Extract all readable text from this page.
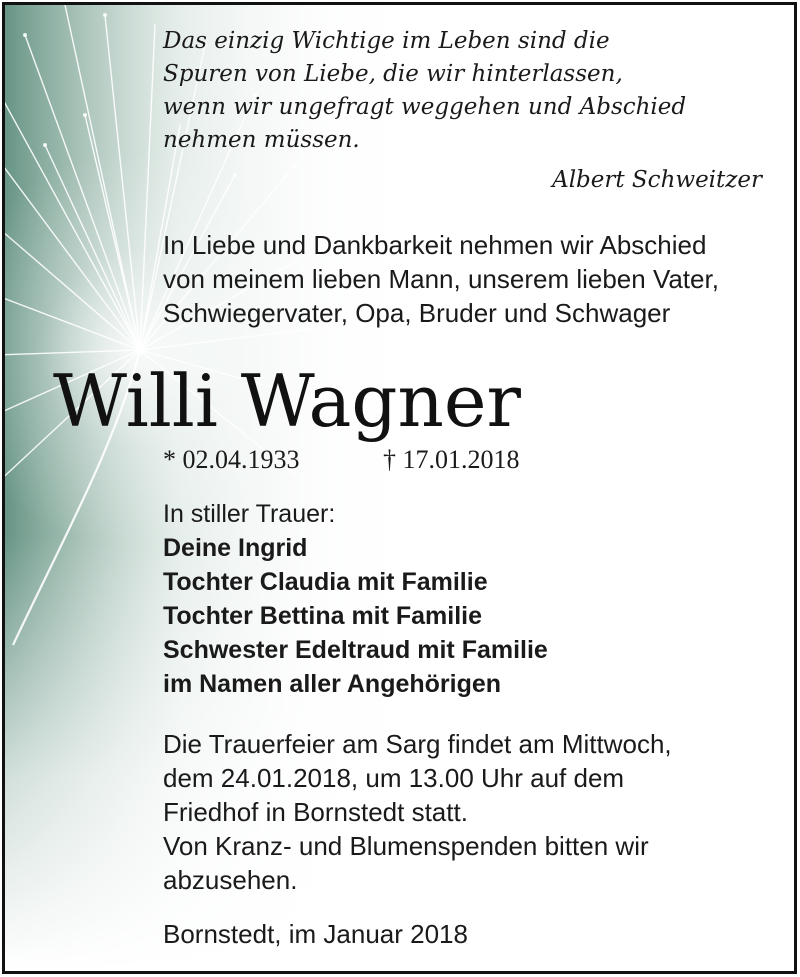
Das einzig Wichtige im Leben sind die
Spuren von Liebe, die wir hinterlassen,
wenn wir ungefragt weggehen und Abschied
nehmen müssen.

Albert Schweitzer

In Liebe und Dankbarkeit nehmen wir Abschied
von meinem lieben Mann, unserem lieben Vater,
Schwiegervater, Opa, Bruder und Schwager

Willi Wagner
* 02.04.1933	† 17.01.2018
In stiller Trauer:
Deine Ingrid
Tochter Claudia mit Familie
Tochter Bettina mit Familie
Schwester Edeltraud mit Familie
im Namen aller Angehörigen

Die Trauerfeier am Sarg findet am Mittwoch,
dem 24.01.2018, um 13.00 Uhr auf dem
Friedhof in Bornstedt statt.
Von Kranz- und Blumenspenden bitten wir
abzusehen.

Bornstedt, im Januar 2018
